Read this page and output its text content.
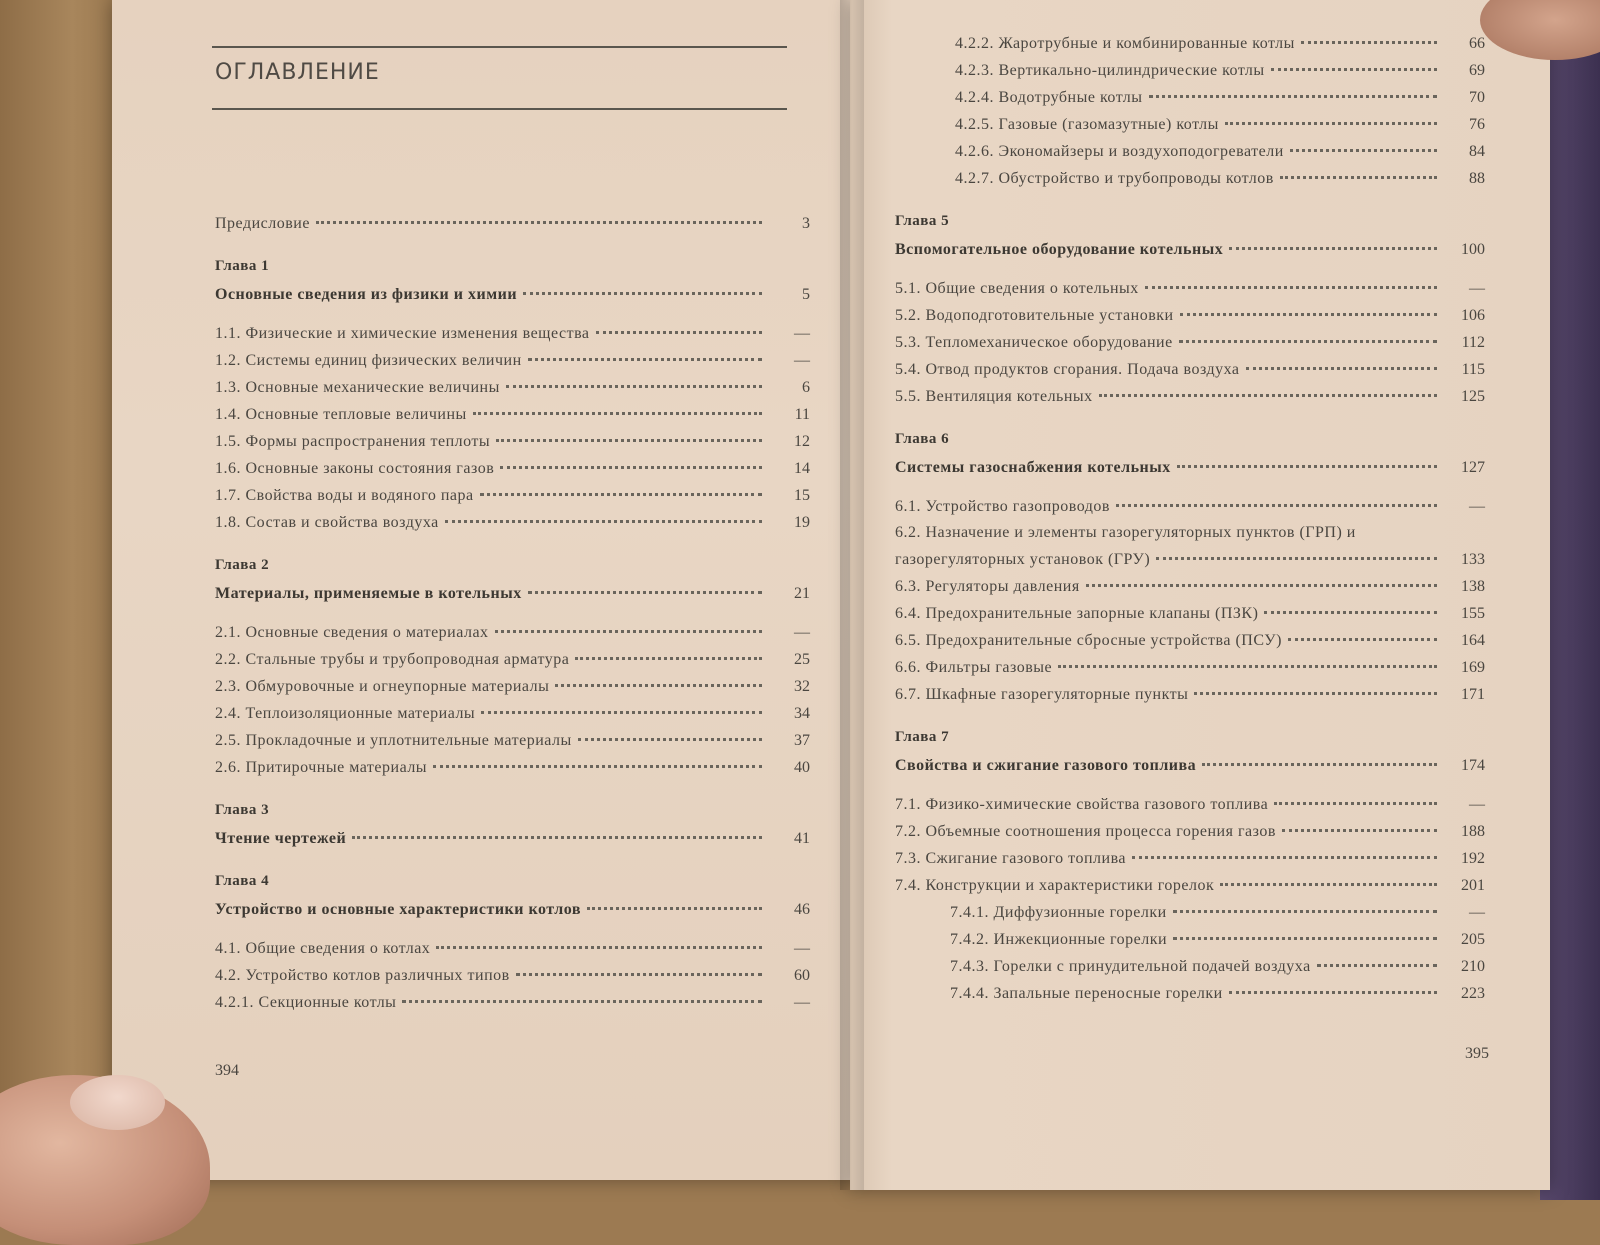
ОГЛАВЛЕНИЕ
Предисловие	3
Глава 1
Основные сведения из физики и химии	5
1.1. Физические и химические изменения вещества	—
1.2. Системы единиц физических величин	—
1.3. Основные механические величины	6
1.4. Основные тепловые величины	11
1.5. Формы распространения теплоты	12
1.6. Основные законы состояния газов	14
1.7. Свойства воды и водяного пара	15
1.8. Состав и свойства воздуха	19
Глава 2
Материалы, применяемые в котельных	21
2.1. Основные сведения о материалах	—
2.2. Стальные трубы и трубопроводная арматура	25
2.3. Обмуровочные и огнеупорные материалы	32
2.4. Теплоизоляционные материалы	34
2.5. Прокладочные и уплотнительные материалы	37
2.6. Притирочные материалы	40
Глава 3
Чтение чертежей	41
Глава 4
Устройство и основные характеристики котлов	46
4.1. Общие сведения о котлах	—
4.2. Устройство котлов различных типов	60
4.2.1. Секционные котлы	—
4.2.2. Жаротрубные и комбинированные котлы	66
4.2.3. Вертикально-цилиндрические котлы	69
4.2.4. Водотрубные котлы	70
4.2.5. Газовые (газомазутные) котлы	76
4.2.6. Экономайзеры и воздухоподогреватели	84
4.2.7. Обустройство и трубопроводы котлов	88
Глава 5
Вспомогательное оборудование котельных	100
5.1. Общие сведения о котельных	—
5.2. Водоподготовительные установки	106
5.3. Тепломеханическое оборудование	112
5.4. Отвод продуктов сгорания. Подача воздуха	115
5.5. Вентиляция котельных	125
Глава 6
Системы газоснабжения котельных	127
6.1. Устройство газопроводов	—
6.2. Назначение и элементы газорегуляторных пунктов (ГРП) и
газорегуляторных установок (ГРУ)	133
6.3. Регуляторы давления	138
6.4. Предохранительные запорные клапаны (ПЗК)	155
6.5. Предохранительные сбросные устройства (ПСУ)	164
6.6. Фильтры газовые	169
6.7. Шкафные газорегуляторные пункты	171
Глава 7
Свойства и сжигание газового топлива	174
7.1. Физико-химические свойства газового топлива	—
7.2. Объемные соотношения процесса горения газов	188
7.3. Сжигание газового топлива	192
7.4. Конструкции и характеристики горелок	201
7.4.1. Диффузионные горелки	—
7.4.2. Инжекционные горелки	205
7.4.3. Горелки с принудительной подачей воздуха	210
7.4.4. Запальные переносные горелки	223
394
395
